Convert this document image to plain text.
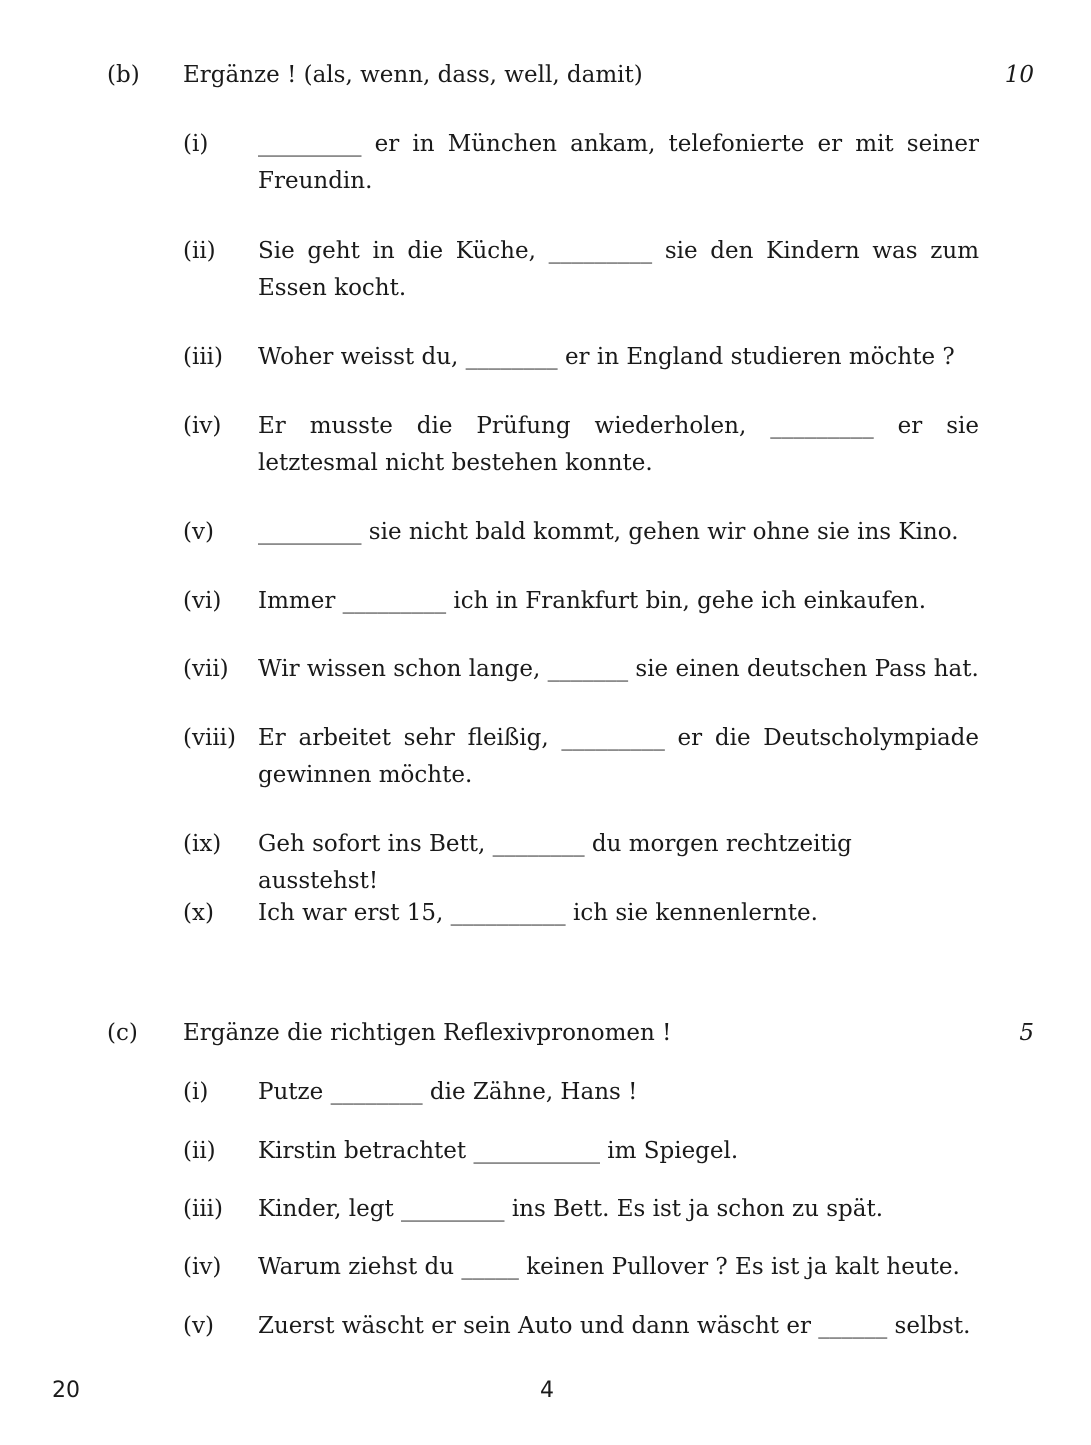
(b) Ergänze ! (als, wenn, dass, well, damit)	10
(i) _________ er in München ankam, telefonierte er mit seiner Freundin.
(ii) Sie geht in die Küche, _________ sie den Kindern was zum Essen kocht.
(iii) Woher weisst du, ________ er in England studieren möchte ?
(iv) Er musste die Prüfung wiederholen, _________ er sie letztesmal nicht bestehen konnte.
(v) _________ sie nicht bald kommt, gehen wir ohne sie ins Kino.
(vi) Immer _________ ich in Frankfurt bin, gehe ich einkaufen.
(vii) Wir wissen schon lange, _______ sie einen deutschen Pass hat.
(viii) Er arbeitet sehr fleißig, _________ er die Deutscholympiade gewinnen möchte.
(ix) Geh sofort ins Bett, ________ du morgen rechtzeitig ausstehst!
(x) Ich war erst 15, __________ ich sie kennenlernte.
(c) Ergänze die richtigen Reflexivpronomen !	5
(i) Putze ________ die Zähne, Hans !
(ii) Kirstin betrachtet ___________ im Spiegel.
(iii) Kinder, legt _________ ins Bett. Es ist ja schon zu spät.
(iv) Warum ziehst du _____ keinen Pullover ? Es ist ja kalt heute.
(v) Zuerst wäscht er sein Auto und dann wäscht er ______ selbst.
20	4
